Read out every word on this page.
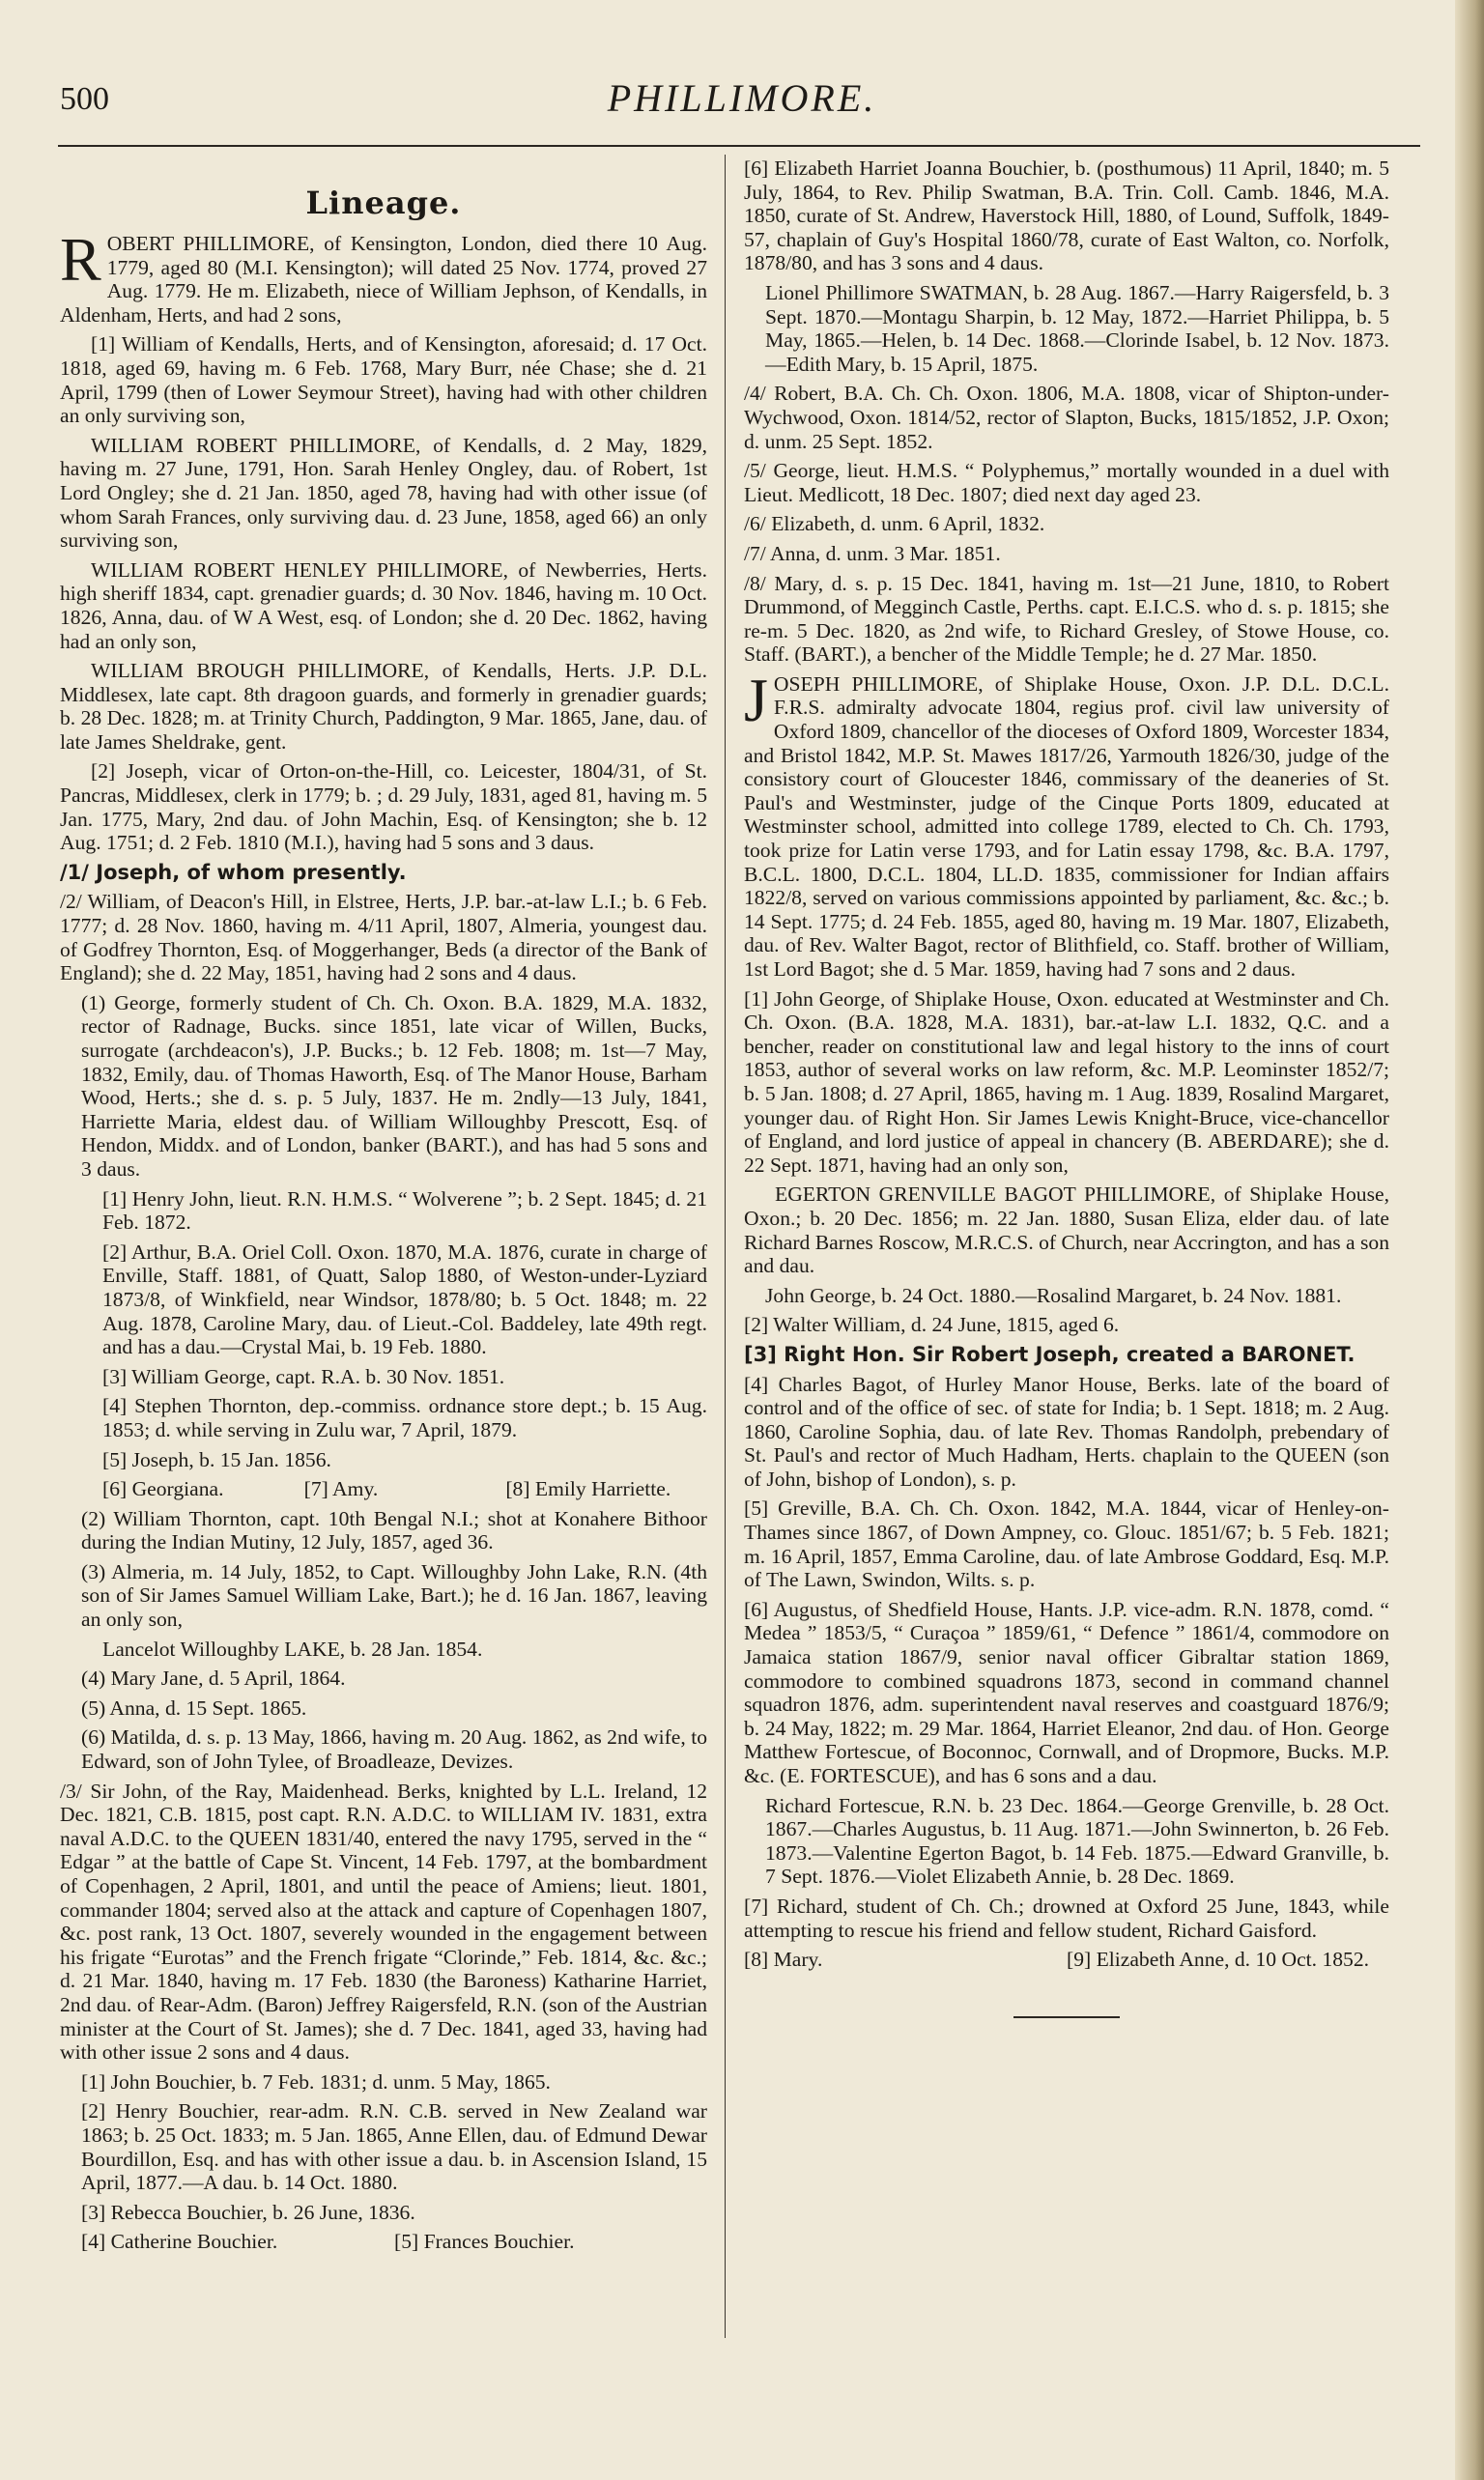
500	PHILLIMORE.
Lineage.

ROBERT PHILLIMORE, of Kensington, London, died there 10 Aug. 1779, aged 80 (M.I. Kensington); will dated 25 Nov. 1774, proved 27 Aug. 1779. He m. Elizabeth, niece of William Jephson, of Kendalls, in Aldenham, Herts, and had 2 sons,

[1] William of Kendalls, Herts, and of Kensington, aforesaid; d. 17 Oct. 1818, aged 69, having m. 6 Feb. 1768, Mary Burr, née Chase; she d. 21 April, 1799 (then of Lower Seymour Street), having had with other children an only surviving son,

WILLIAM ROBERT PHILLIMORE, of Kendalls, d. 2 May, 1829, having m. 27 June, 1791, Hon. Sarah Henley Ongley, dau. of Robert, 1st Lord Ongley; she d. 21 Jan. 1850, aged 78, having had with other issue (of whom Sarah Frances, only surviving dau. d. 23 June, 1858, aged 66) an only surviving son,

WILLIAM ROBERT HENLEY PHILLIMORE, of Newberries, Herts. high sheriff 1834, capt. grenadier guards; d. 30 Nov. 1846, having m. 10 Oct. 1826, Anna, dau. of W A West, esq. of London; she d. 20 Dec. 1862, having had an only son,

WILLIAM BROUGH PHILLIMORE, of Kendalls, Herts. J.P. D.L. Middlesex, late capt. 8th dragoon guards, and formerly in grenadier guards; b. 28 Dec. 1828; m. at Trinity Church, Paddington, 9 Mar. 1865, Jane, dau. of late James Sheldrake, gent.

[2] Joseph, vicar of Orton-on-the-Hill, co. Leicester, 1804/31, of St. Pancras, Middlesex, clerk in 1779; b. ; d. 29 July, 1831, aged 81, having m. 5 Jan. 1775, Mary, 2nd dau. of John Machin, Esq. of Kensington; she b. 12 Aug. 1751; d. 2 Feb. 1810 (M.I.), having had 5 sons and 3 daus.

/1/ Joseph, of whom presently.

/2/ William, of Deacon's Hill, in Elstree, Herts, J.P. bar.-at-law L.I.; b. 6 Feb. 1777; d. 28 Nov. 1860, having m. 4/11 April, 1807, Almeria, youngest dau. of Godfrey Thornton, Esq. of Moggerhanger, Beds (a director of the Bank of England); she d. 22 May, 1851, having had 2 sons and 4 daus.

(1) George, formerly student of Ch. Ch. Oxon. B.A. 1829, M.A. 1832, rector of Radnage, Bucks. since 1851, late vicar of Willen, Bucks, surrogate (archdeacon's), J.P. Bucks.; b. 12 Feb. 1808; m. 1st—7 May, 1832, Emily, dau. of Thomas Haworth, Esq. of The Manor House, Barham Wood, Herts.; she d. s. p. 5 July, 1837. He m. 2ndly—13 July, 1841, Harriette Maria, eldest dau. of William Willoughby Prescott, Esq. of Hendon, Middx. and of London, banker (BART.), and has had 5 sons and 3 daus.

[1] Henry John, lieut. R.N. H.M.S. “ Wolverene ”; b. 2 Sept. 1845; d. 21 Feb. 1872.

[2] Arthur, B.A. Oriel Coll. Oxon. 1870, M.A. 1876, curate in charge of Enville, Staff. 1881, of Quatt, Salop 1880, of Weston-under-Lyziard 1873/8, of Winkfield, near Windsor, 1878/80; b. 5 Oct. 1848; m. 22 Aug. 1878, Caroline Mary, dau. of Lieut.-Col. Baddeley, late 49th regt. and has a dau.—Crystal Mai, b. 19 Feb. 1880.

[3] William George, capt. R.A. b. 30 Nov. 1851.

[4] Stephen Thornton, dep.-commiss. ordnance store dept.; b. 15 Aug. 1853; d. while serving in Zulu war, 7 April, 1879.

[5] Joseph, b. 15 Jan. 1856.

[6] Georgiana.	[7] Amy.	[8] Emily Harriette.

(2) William Thornton, capt. 10th Bengal N.I.; shot at Konahere Bithoor during the Indian Mutiny, 12 July, 1857, aged 36.

(3) Almeria, m. 14 July, 1852, to Capt. Willoughby John Lake, R.N. (4th son of Sir James Samuel William Lake, Bart.); he d. 16 Jan. 1867, leaving an only son,

Lancelot Willoughby LAKE, b. 28 Jan. 1854.

(4) Mary Jane, d. 5 April, 1864.

(5) Anna, d. 15 Sept. 1865.

(6) Matilda, d. s. p. 13 May, 1866, having m. 20 Aug. 1862, as 2nd wife, to Edward, son of John Tylee, of Broadleaze, Devizes.

/3/ Sir John, of the Ray, Maidenhead. Berks, knighted by L.L. Ireland, 12 Dec. 1821, C.B. 1815, post capt. R.N. A.D.C. to WILLIAM IV. 1831, extra naval A.D.C. to the QUEEN 1831/40, entered the navy 1795, served in the “ Edgar ” at the battle of Cape St. Vincent, 14 Feb. 1797, at the bombardment of Copenhagen, 2 April, 1801, and until the peace of Amiens; lieut. 1801, commander 1804; served also at the attack and capture of Copenhagen 1807, &c. post rank, 13 Oct. 1807, severely wounded in the engagement between his frigate “Eurotas” and the French frigate “Clorinde,” Feb. 1814, &c. &c.; d. 21 Mar. 1840, having m. 17 Feb. 1830 (the Baroness) Katharine Harriet, 2nd dau. of Rear-Adm. (Baron) Jeffrey Raigersfeld, R.N. (son of the Austrian minister at the Court of St. James); she d. 7 Dec. 1841, aged 33, having had with other issue 2 sons and 4 daus.

[1] John Bouchier, b. 7 Feb. 1831; d. unm. 5 May, 1865.

[2] Henry Bouchier, rear-adm. R.N. C.B. served in New Zealand war 1863; b. 25 Oct. 1833; m. 5 Jan. 1865, Anne Ellen, dau. of Edmund Dewar Bourdillon, Esq. and has with other issue a dau. b. in Ascension Island, 15 April, 1877.—A dau. b. 14 Oct. 1880.

[3] Rebecca Bouchier, b. 26 June, 1836.

[4] Catherine Bouchier.	[5] Frances Bouchier.

[6] Elizabeth Harriet Joanna Bouchier, b. (posthumous) 11 April, 1840; m. 5 July, 1864, to Rev. Philip Swatman, B.A. Trin. Coll. Camb. 1846, M.A. 1850, curate of St. Andrew, Haverstock Hill, 1880, of Lound, Suffolk, 1849-57, chaplain of Guy's Hospital 1860/78, curate of East Walton, co. Norfolk, 1878/80, and has 3 sons and 4 daus.

Lionel Phillimore SWATMAN, b. 28 Aug. 1867.—Harry Raigersfeld, b. 3 Sept. 1870.—Montagu Sharpin, b. 12 May, 1872.—Harriet Philippa, b. 5 May, 1865.—Helen, b. 14 Dec. 1868.—Clorinde Isabel, b. 12 Nov. 1873.—Edith Mary, b. 15 April, 1875.

/4/ Robert, B.A. Ch. Ch. Oxon. 1806, M.A. 1808, vicar of Shipton-under-Wychwood, Oxon. 1814/52, rector of Slapton, Bucks, 1815/1852, J.P. Oxon; d. unm. 25 Sept. 1852.

/5/ George, lieut. H.M.S. “ Polyphemus,” mortally wounded in a duel with Lieut. Medlicott, 18 Dec. 1807; died next day aged 23.

/6/ Elizabeth, d. unm. 6 April, 1832.

/7/ Anna, d. unm. 3 Mar. 1851.

/8/ Mary, d. s. p. 15 Dec. 1841, having m. 1st—21 June, 1810, to Robert Drummond, of Megginch Castle, Perths. capt. E.I.C.S. who d. s. p. 1815; she re-m. 5 Dec. 1820, as 2nd wife, to Richard Gresley, of Stowe House, co. Staff. (BART.), a bencher of the Middle Temple; he d. 27 Mar. 1850.

JOSEPH PHILLIMORE, of Shiplake House, Oxon. J.P. D.L. D.C.L. F.R.S. admiralty advocate 1804, regius prof. civil law university of Oxford 1809, chancellor of the dioceses of Oxford 1809, Worcester 1834, and Bristol 1842, M.P. St. Mawes 1817/26, Yarmouth 1826/30, judge of the consistory court of Gloucester 1846, commissary of the deaneries of St. Paul's and Westminster, judge of the Cinque Ports 1809, educated at Westminster school, admitted into college 1789, elected to Ch. Ch. 1793, took prize for Latin verse 1793, and for Latin essay 1798, &c. B.A. 1797, B.C.L. 1800, D.C.L. 1804, LL.D. 1835, commissioner for Indian affairs 1822/8, served on various commissions appointed by parliament, &c. &c.; b. 14 Sept. 1775; d. 24 Feb. 1855, aged 80, having m. 19 Mar. 1807, Elizabeth, dau. of Rev. Walter Bagot, rector of Blithfield, co. Staff. brother of William, 1st Lord Bagot; she d. 5 Mar. 1859, having had 7 sons and 2 daus.

[1] John George, of Shiplake House, Oxon. educated at Westminster and Ch. Ch. Oxon. (B.A. 1828, M.A. 1831), bar.-at-law L.I. 1832, Q.C. and a bencher, reader on constitutional law and legal history to the inns of court 1853, author of several works on law reform, &c. M.P. Leominster 1852/7; b. 5 Jan. 1808; d. 27 April, 1865, having m. 1 Aug. 1839, Rosalind Margaret, younger dau. of Right Hon. Sir James Lewis Knight-Bruce, vice-chancellor of England, and lord justice of appeal in chancery (B. ABERDARE); she d. 22 Sept. 1871, having had an only son,

EGERTON GRENVILLE BAGOT PHILLIMORE, of Shiplake House, Oxon.; b. 20 Dec. 1856; m. 22 Jan. 1880, Susan Eliza, elder dau. of late Richard Barnes Roscow, M.R.C.S. of Church, near Accrington, and has a son and dau.

John George, b. 24 Oct. 1880.—Rosalind Margaret, b. 24 Nov. 1881.

[2] Walter William, d. 24 June, 1815, aged 6.

[3] Right Hon. Sir Robert Joseph, created a BARONET.

[4] Charles Bagot, of Hurley Manor House, Berks. late of the board of control and of the office of sec. of state for India; b. 1 Sept. 1818; m. 2 Aug. 1860, Caroline Sophia, dau. of late Rev. Thomas Randolph, prebendary of St. Paul's and rector of Much Hadham, Herts. chaplain to the QUEEN (son of John, bishop of London), s. p.

[5] Greville, B.A. Ch. Ch. Oxon. 1842, M.A. 1844, vicar of Henley-on-Thames since 1867, of Down Ampney, co. Glouc. 1851/67; b. 5 Feb. 1821; m. 16 April, 1857, Emma Caroline, dau. of late Ambrose Goddard, Esq. M.P. of The Lawn, Swindon, Wilts. s. p.

[6] Augustus, of Shedfield House, Hants. J.P. vice-adm. R.N. 1878, comd. “ Medea ” 1853/5, “ Curaçoa ” 1859/61, “ Defence ” 1861/4, commodore on Jamaica station 1867/9, senior naval officer Gibraltar station 1869, commodore to combined squadrons 1873, second in command channel squadron 1876, adm. superintendent naval reserves and coastguard 1876/9; b. 24 May, 1822; m. 29 Mar. 1864, Harriet Eleanor, 2nd dau. of Hon. George Matthew Fortescue, of Boconnoc, Cornwall, and of Dropmore, Bucks. M.P. &c. (E. FORTESCUE), and has 6 sons and a dau.

Richard Fortescue, R.N. b. 23 Dec. 1864.—George Grenville, b. 28 Oct. 1867.—Charles Augustus, b. 11 Aug. 1871.—John Swinnerton, b. 26 Feb. 1873.—Valentine Egerton Bagot, b. 14 Feb. 1875.—Edward Granville, b. 7 Sept. 1876.—Violet Elizabeth Annie, b. 28 Dec. 1869.

[7] Richard, student of Ch. Ch.; drowned at Oxford 25 June, 1843, while attempting to rescue his friend and fellow student, Richard Gaisford.

[8] Mary.	[9] Elizabeth Anne, d. 10 Oct. 1852.
